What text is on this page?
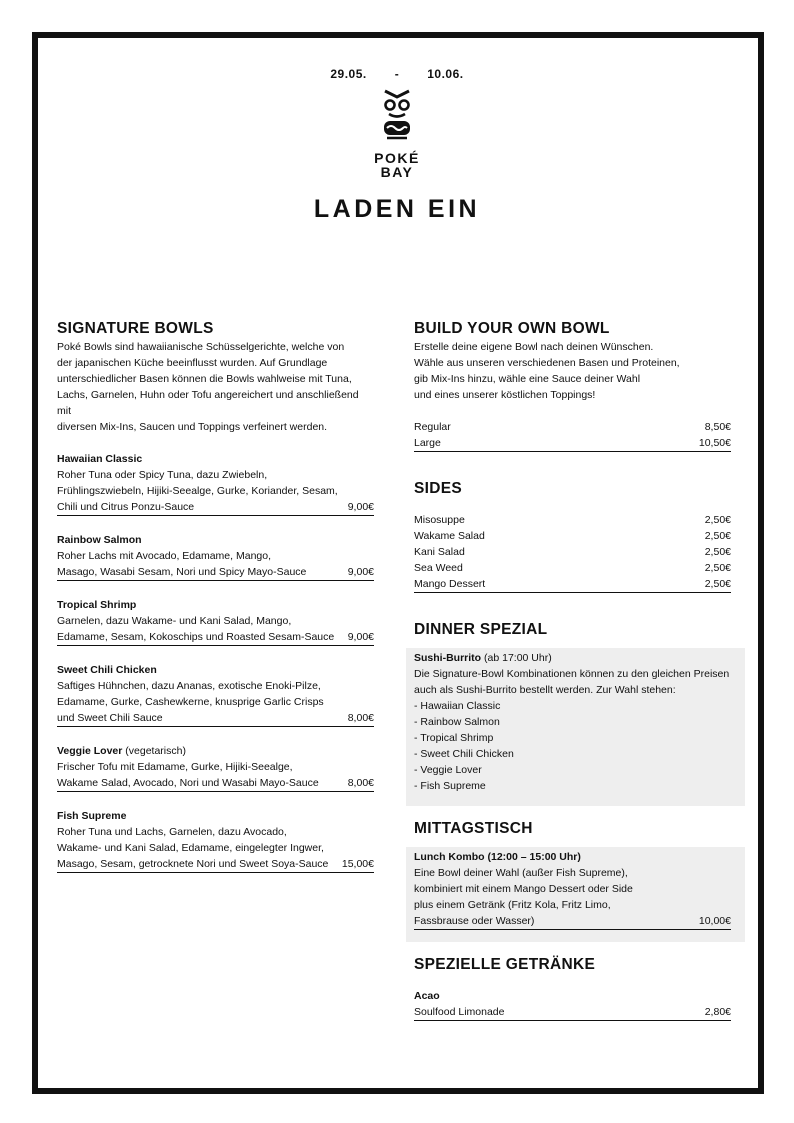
29.05. - 10.06.
POKÉ
BAY
LADEN EIN
SIGNATURE BOWLS
Poké Bowls sind hawaiianische Schüsselgerichte, welche von
der japanischen Küche beeinflusst wurden. Auf Grundlage
unterschiedlicher Basen können die Bowls wahlweise mit Tuna,
Lachs, Garnelen, Huhn oder Tofu angereichert und anschließend mit
diversen Mix-Ins, Saucen und Toppings verfeinert werden.
Hawaiian Classic
Roher Tuna oder Spicy Tuna, dazu Zwiebeln,
Frühlingszwiebeln, Hijiki-Seealge, Gurke, Koriander, Sesam,
Chili und Citrus Ponzu-Sauce	9,00€
Rainbow Salmon
Roher Lachs mit Avocado, Edamame, Mango,
Masago, Wasabi Sesam, Nori und Spicy Mayo-Sauce	9,00€
Tropical Shrimp
Garnelen, dazu Wakame- und Kani Salad, Mango,
Edamame, Sesam, Kokoschips und Roasted Sesam-Sauce	9,00€
Sweet Chili Chicken
Saftiges Hühnchen, dazu Ananas, exotische Enoki-Pilze,
Edamame, Gurke, Cashewkerne, knusprige Garlic Crisps
und Sweet Chili Sauce	8,00€
Veggie Lover (vegetarisch)
Frischer Tofu mit Edamame, Gurke, Hijiki-Seealge,
Wakame Salad, Avocado, Nori und Wasabi Mayo-Sauce	8,00€
Fish Supreme
Roher Tuna und Lachs, Garnelen, dazu Avocado,
Wakame- und Kani Salad, Edamame, eingelegter Ingwer,
Masago, Sesam, getrocknete Nori und Sweet Soya-Sauce	15,00€
BUILD YOUR OWN BOWL
Erstelle deine eigene Bowl nach deinen Wünschen.
Wähle aus unseren verschiedenen Basen und Proteinen,
gib Mix-Ins hinzu, wähle eine Sauce deiner Wahl
und eines unserer köstlichen Toppings!
Regular	8,50€
Large	10,50€
SIDES
Misosuppe	2,50€
Wakame Salad	2,50€
Kani Salad	2,50€
Sea Weed	2,50€
Mango Dessert	2,50€
DINNER SPEZIAL
Sushi-Burrito (ab 17:00 Uhr)
Die Signature-Bowl Kombinationen können zu den gleichen Preisen
auch als Sushi-Burrito bestellt werden. Zur Wahl stehen:
- Hawaiian Classic
- Rainbow Salmon
- Tropical Shrimp
- Sweet Chili Chicken
- Veggie Lover
- Fish Supreme
MITTAGSTISCH
Lunch Kombo (12:00 – 15:00 Uhr)
Eine Bowl deiner Wahl (außer Fish Supreme),
kombiniert mit einem Mango Dessert oder Side
plus einem Getränk (Fritz Kola, Fritz Limo,
Fassbrause oder Wasser)	10,00€
SPEZIELLE GETRÄNKE
Acao
Soulfood Limonade	2,80€
